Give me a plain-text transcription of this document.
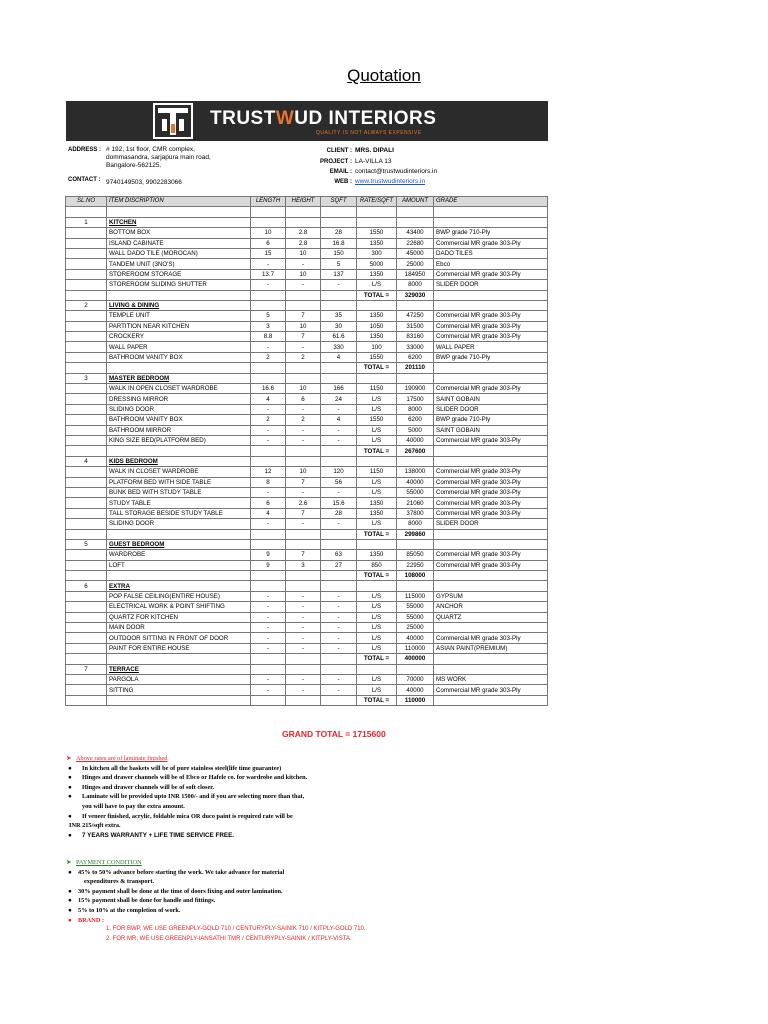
Quotation
TRUSTWUD INTERIORS
QUALITY IS NOT ALWAYS EXPENSIVE
ADDRESS : # 192, 1st floor, CMR complex,
dommasandra, sarjapura main road,
Bangalore-562125.
CONTACT : 9740149503, 9902283066
CLIENT : MRS. DIPALI
PROJECT : LA-VILLA 13
EMAIL : contact@trustwudinteriors.in
WEB : www.trustwudinteriors.in
SL.NO	ITEM DISCRIPTION	LENGTH	HEIGHT	SQFT	RATE/SQFT	AMOUNT	GRADE

1	KITCHEN						
	BOTTOM BOX	10	2.8	28	1550	43400	BWP grade 710-Ply
	ISLAND CABINATE	6	2.8	16.8	1350	22680	Commercial MR grade 303-Ply
	WALL DADO TILE (MOROCAN)	15	10	150	300	45000	DADO TILES
	TANDEM UNIT (3NO'S)	-	-	5	5000	25000	Ebco
	STOREROOM STORAGE	13.7	10	137	1350	184950	Commercial MR grade 303-Ply
	STOREROOM SLIDING SHUTTER	-	-	-	L/S	8000	SLIDER DOOR
					TOTAL =	329030	
2	LIVING & DINING						
	TEMPLE UNIT	5	7	35	1350	47250	Commercial MR grade 303-Ply
	PARTITION NEAR KITCHEN	3	10	30	1050	31500	Commercial MR grade 303-Ply
	CROCKERY	8.8	7	61.6	1350	83160	Commercial MR grade 303-Ply
	WALL PAPER	-	-	330	100	33000	WALL PAPER
	BATHROOM VANITY BOX	2	2	4	1550	6200	BWP grade 710-Ply
					TOTAL =	201110	
3	MASTER BEDROOM						
	WALK IN OPEN CLOSET WARDROBE	16.6	10	166	1150	190900	Commercial MR grade 303-Ply
	DRESSING MIRROR	4	6	24	L/S	17500	SAINT GOBAIN
	SLIDING DOOR	-	-	-	L/S	8000	SLIDER DOOR
	BATHROOM VANITY BOX	2	2	4	1550	6200	BWP grade 710-Ply
	BATHROOM MIRROR	-	-	-	L/S	5000	SAINT GOBAIN
	KING SIZE BED(PLATFORM BED)	-	-	-	L/S	40000	Commercial MR grade 303-Ply
					TOTAL =	267600	
4	KIDS BEDROOM						
	WALK IN CLOSET WARDROBE	12	10	120	1150	138000	Commercial MR grade 303-Ply
	PLATFORM BED WITH SIDE TABLE	8	7	56	L/S	40000	Commercial MR grade 303-Ply
	BUNK BED WITH STUDY TABLE	-	-	-	L/S	55000	Commercial MR grade 303-Ply
	STUDY TABLE	6	2.6	15.6	1350	21060	Commercial MR grade 303-Ply
	TALL STORAGE BESIDE STUDY TABLE	4	7	28	1350	37800	Commercial MR grade 303-Ply
	SLIDING DOOR	-	-	-	L/S	8000	SLIDER DOOR
					TOTAL =	299860	
5	GUEST BEDROOM						
	WARDROBE	9	7	63	1350	85050	Commercial MR grade 303-Ply
	LOFT	9	3	27	850	22950	Commercial MR grade 303-Ply
					TOTAL =	108000	
6	EXTRA						
	POP FALSE CEILING(ENTIRE HOUSE)	-	-	-	L/S	115000	GYPSUM
	ELECTRICAL WORK & POINT SHIFTING	-	-	-	L/S	55000	ANCHOR
	QUARTZ FOR KITCHEN	-	-	-	L/S	55000	QUARTZ
	MAIN DOOR	-	-	-	L/S	25000	
	OUTDOOR SITTING IN FRONT OF DOOR	-	-	-	L/S	40000	Commercial MR grade 303-Ply
	PAINT FOR ENTIRE HOUSE	-	-	-	L/S	110000	ASIAN PAINT(PREMIUM)
					TOTAL =	400000	
7	TERRACE						
	PARGOLA	-	-	-	L/S	70000	MS WORK
	SITTING	-	-	-	L/S	40000	Commercial MR grade 303-Ply
					TOTAL =	110000	
GRAND TOTAL = 1715600
➤ Above rates are of laminate finished
● In kitchen all the baskets will be of pure stainless steel(life time guarantee)
● Hinges and drawer channels will be of Ebco or Hafele co. for wardrobe and kitchen.
● Hinges and drawer channels will be of soft closer.
● Laminate will be provided upto INR 1500/- and if you are selecting more than that,
you will have to pay the extra amount.
● If veneer finished, acrylic, foldable mica OR duco paint is required rate will be
INR 215/sqft extra.
● 7 YEARS WARRANTY + LIFE TIME SERVICE FREE.
➤ PAYMENT CONDITION
● 45% to 50% advance before starting the work. We take advance for material
expenditures & transport.
● 30% payment shall be done at the time of doors fixing and outer lamination.
● 15% payment shall be done for handle and fittings.
● 5% to 10% at the completion of work.
● BRAND :
1. FOR BWP, WE USE GREENPLY-GOLD 710 / CENTURYPLY-SAINIK 710 / KITPLY-GOLD 710.
2. FOR MR, WE USE GREENPLY-IANSATHI TMR / CENTURYPLY-SAINIK / KITPLY-VISTA.
